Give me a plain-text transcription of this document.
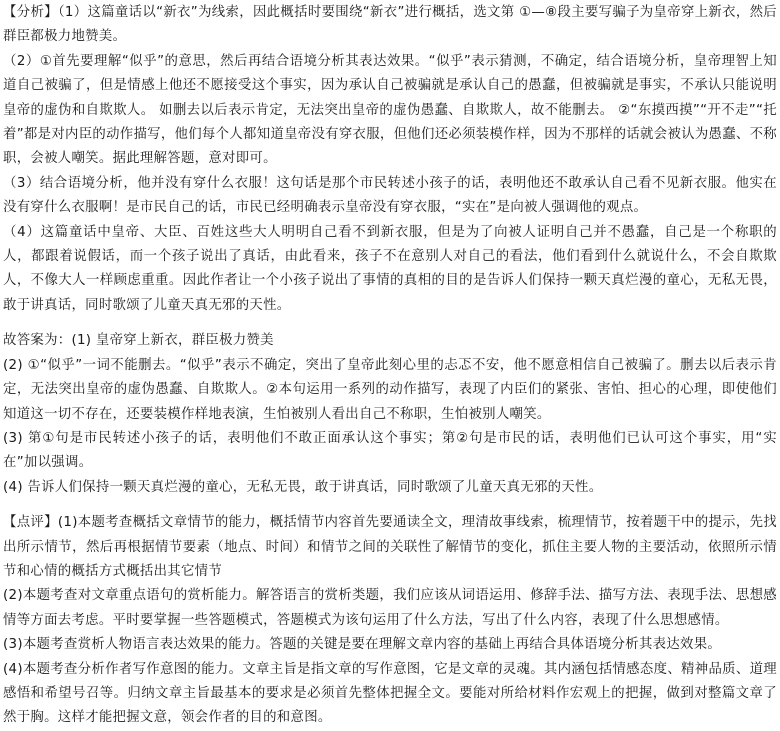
【分析】（1）这篇童话以“新衣”为线索，因此概括时要围绕“新衣”进行概括，选文第 ①—⑧段主要写骗子为皇帝穿上新衣，然后群臣都极力地赞美。

（2）①首先要理解“似乎”的意思，然后再结合语境分析其表达效果。“似乎”表示猜测，不确定，结合语境分析，皇帝理智上知道自己被骗了，但是情感上他还不愿接受这个事实，因为承认自己被骗就是承认自己的愚蠢，但被骗就是事实，不承认只能说明皇帝的虚伪和自欺欺人。 如删去以后表示肯定，无法突出皇帝的虚伪愚蠢、自欺欺人，故不能删去。 ②“东摸西摸”“开不走”“托着”都是对内臣的动作描写，他们每个人都知道皇帝没有穿衣服，但他们还必须装模作样，因为不那样的话就会被认为愚蠢、不称职，会被人嘲笑。据此理解答题，意对即可。

（3）结合语境分析，他并没有穿什么衣服！这句话是那个市民转述小孩子的话，表明他还不敢承认自己看不见新衣服。他实在没有穿什么衣服啊！是市民自己的话，市民已经明确表示皇帝没有穿衣服，“实在”是向被人强调他的观点。

（4）这篇童话中皇帝、大臣、百姓这些大人明明自己看不到新衣服，但是为了向被人证明自己并不愚蠢，自己是一个称职的人，都跟着说假话，而一个孩子说出了真话，由此看来，孩子不在意别人对自己的看法，他们看到什么就说什么，不会自欺欺人，不像大人一样顾虑重重。因此作者让一个小孩子说出了事情的真相的目的是告诉人们保持一颗天真烂漫的童心，无私无畏，敢于讲真话，同时歌颂了儿童天真无邪的天性。

故答案为：(1) 皇帝穿上新衣，群臣极力赞美

(2) ①“似乎”一词不能删去。“似乎”表示不确定，突出了皇帝此刻心里的忐忑不安，他不愿意相信自己被骗了。删去以后表示肯定，无法突出皇帝的虚伪愚蠢、自欺欺人。②本句运用一系列的动作描写，表现了内臣们的紧张、害怕、担心的心理，即使他们知道这一切不存在，还要装模作样地表演，生怕被别人看出自己不称职，生怕被别人嘲笑。

(3) 第①句是市民转述小孩子的话，表明他们不敢正面承认这个事实；第②句是市民的话，表明他们已认可这个事实，用“实在”加以强调。

(4) 告诉人们保持一颗天真烂漫的童心，无私无畏，敢于讲真话，同时歌颂了儿童天真无邪的天性。

【点评】(1)本题考查概括文章情节的能力，概括情节内容首先要通读全文，理清故事线索，梳理情节，按着题干中的提示，先找出所示情节，然后再根据情节要素（地点、时间）和情节之间的关联性了解情节的变化，抓住主要人物的主要活动，依照所示情节和心情的概括方式概括出其它情节

(2)本题考查对文章重点语句的赏析能力。解答语言的赏析类题，我们应该从词语运用、修辞手法、描写方法、表现手法、思想感情等方面去考虑。平时要掌握一些答题模式，答题模式为该句运用了什么方法，写出了什么内容，表现了什么思想感情。

(3)本题考查赏析人物语言表达效果的能力。答题的关键是要在理解文章内容的基础上再结合具体语境分析其表达效果。

(4)本题考查分析作者写作意图的能力。文章主旨是指文章的写作意图，它是文章的灵魂。其内涵包括情感态度、精神品质、道理感悟和希望号召等。归纳文章主旨最基本的要求是必须首先整体把握全文。要能对所给材料作宏观上的把握，做到对整篇文章了然于胸。这样才能把握文意，领会作者的目的和意图。
